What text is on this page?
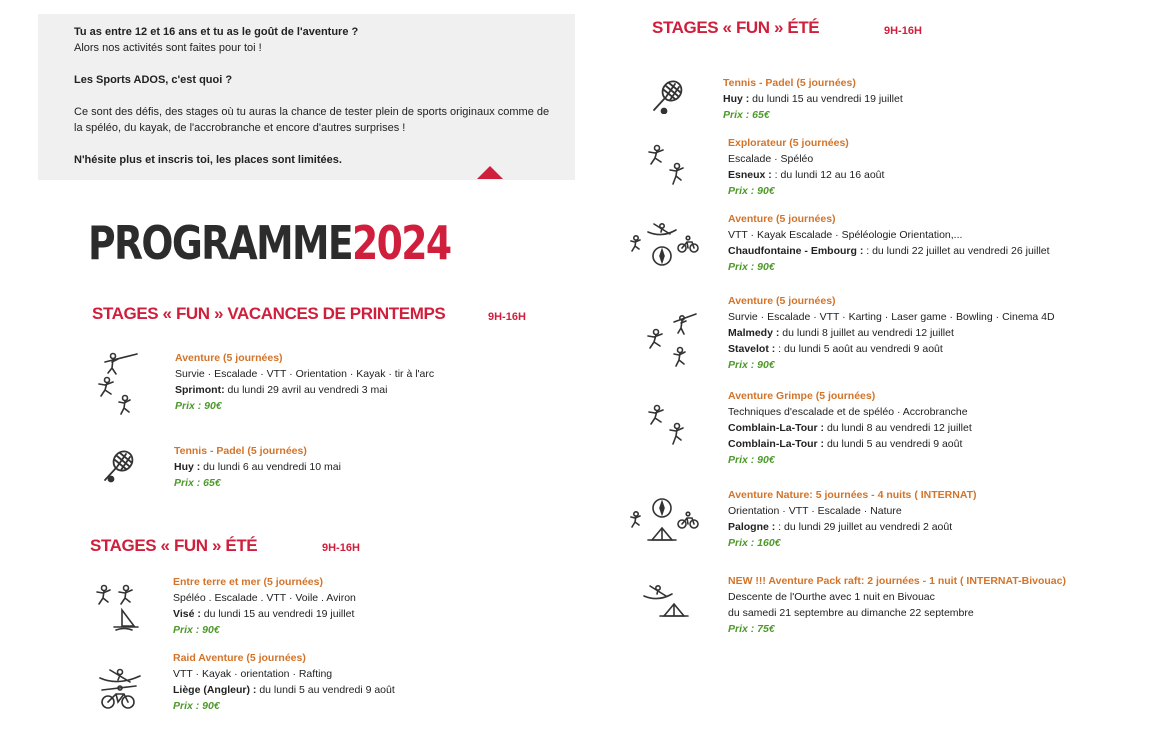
Tu as entre 12 et 16 ans et tu as le goût de l'aventure ?

Alors nos activités sont faites pour toi !

Les Sports ADOS, c'est quoi ?

Ce sont des défis, des stages où tu auras la chance de tester plein de sports originaux comme de

la spéléo, du kayak, de l'accrobranche et encore d'autres surprises !

N'hésite plus et inscris toi, les places sont limitées.

PROGRAMME2024
STAGES « FUN » VACANCES DE PRINTEMPS	9H-16H
Aventure (5 journées)
Survie · Escalade · VTT · Orientation · Kayak · tir à l'arc
Sprimont: du lundi 29 avril au vendredi 3 mai
Prix : 90€
Tennis - Padel (5 journées)
Huy : du lundi 6 au vendredi 10 mai
Prix : 65€
STAGES « FUN » ÉTÉ	9H-16H
Entre terre et mer (5 journées)
Spéléo . Escalade . VTT · Voile . Aviron
Visé : du lundi 15 au vendredi 19 juillet
Prix : 90€
Raid Aventure (5 journées)
VTT · Kayak · orientation · Rafting
Liège (Angleur) : du lundi 5 au vendredi 9 août
Prix : 90€
STAGES « FUN » ÉTÉ	9H-16H
Tennis - Padel (5 journées)
Huy : du lundi 15 au vendredi 19 juillet
Prix : 65€
Explorateur (5 journées)
Escalade · Spéléo
Esneux : : du lundi 12 au 16 août
Prix : 90€
Aventure (5 journées)
VTT · Kayak Escalade · Spéléologie Orientation,...
Chaudfontaine - Embourg : : du lundi 22 juillet au vendredi 26 juillet
Prix : 90€
Aventure (5 journées)
Survie · Escalade · VTT · Karting · Laser game · Bowling · Cinema 4D
Malmedy : du lundi 8 juillet au vendredi 12 juillet
Stavelot : : du lundi 5 août au vendredi 9 août
Prix : 90€
Aventure Grimpe (5 journées)
Techniques d'escalade et de spéléo · Accrobranche
Comblain-La-Tour : du lundi 8 au vendredi 12 juillet
Comblain-La-Tour : du lundi 5 au vendredi 9 août
Prix : 90€
Aventure Nature: 5 journées - 4 nuits ( INTERNAT)
Orientation · VTT · Escalade · Nature
Palogne : : du lundi 29 juillet au vendredi 2 août
Prix : 160€
NEW !!! Aventure Pack raft: 2 journées - 1 nuit ( INTERNAT-Bivouac)
Descente de l'Ourthe avec 1 nuit en Bivouac
du samedi 21 septembre au dimanche 22 septembre
Prix : 75€
